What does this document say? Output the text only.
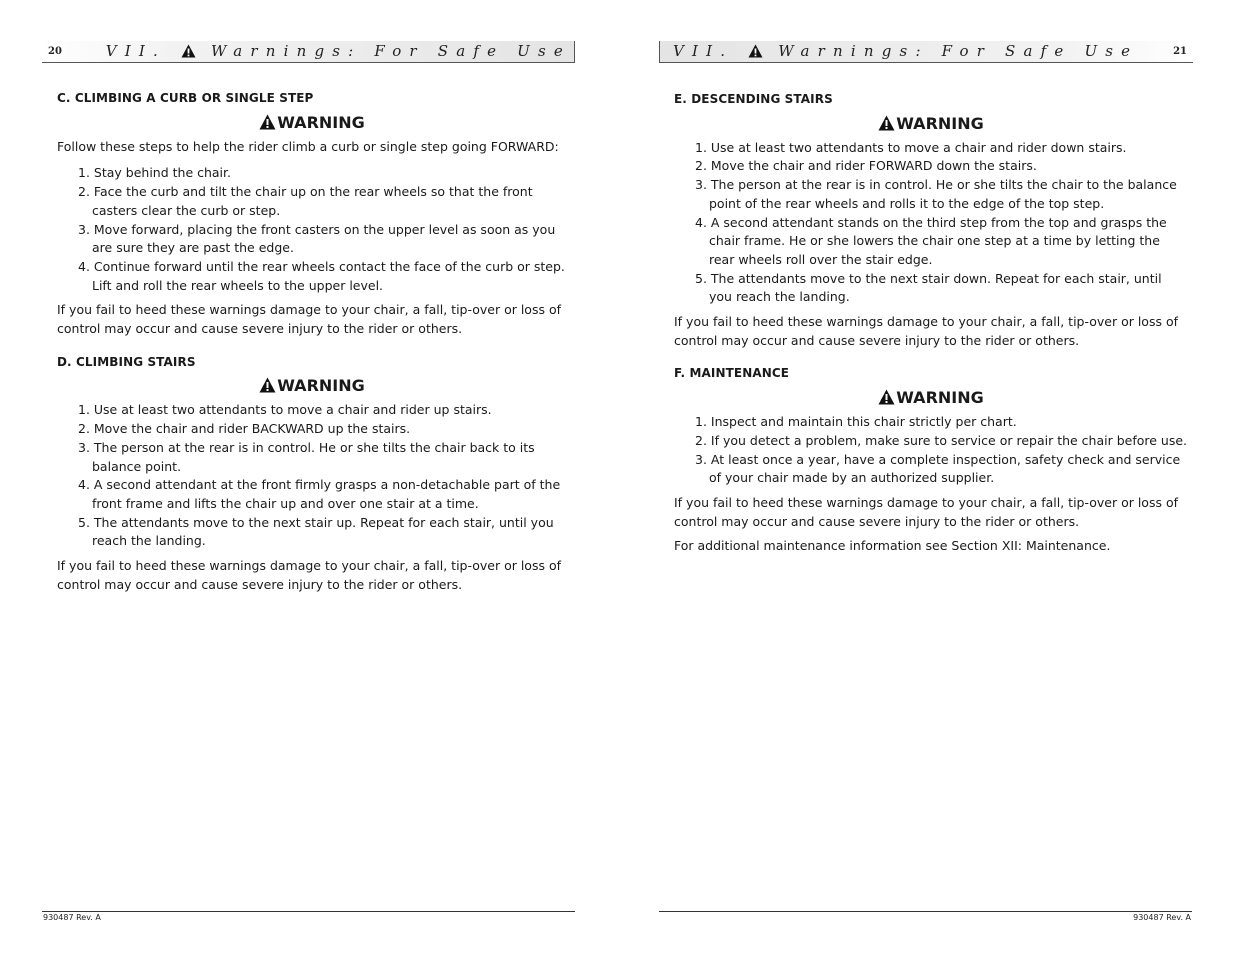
20	VII.	Warnings: For Safe Use

C. CLIMBING A CURB OR SINGLE STEP

WARNING

Follow these steps to help the rider climb a curb or single step going FORWARD:

1. Stay behind the chair.
2. Face the curb and tilt the chair up on the rear wheels so that the front casters clear the curb or step.
3. Move forward, placing the front casters on the upper level as soon as you are sure they are past the edge.
4. Continue forward until the rear wheels contact the face of the curb or step. Lift and roll the rear wheels to the upper level.

If you fail to heed these warnings damage to your chair, a fall, tip-over or loss of control may occur and cause severe injury to the rider or others.

D. CLIMBING STAIRS

WARNING
1. Use at least two attendants to move a chair and rider up stairs.
2. Move the chair and rider BACKWARD up the stairs.
3. The person at the rear is in control. He or she tilts the chair back to its balance point.
4. A second attendant at the front firmly grasps a non-detachable part of the front frame and lifts the chair up and over one stair at a time.
5. The attendants move to the next stair up. Repeat for each stair, until you reach the landing.

If you fail to heed these warnings damage to your chair, a fall, tip-over or loss of control may occur and cause severe injury to the rider or others.

930487 Rev. A
VII.	Warnings: For Safe Use	21

E. DESCENDING STAIRS

WARNING
1. Use at least two attendants to move a chair and rider down stairs.
2. Move the chair and rider FORWARD down the stairs.
3. The person at the rear is in control. He or she tilts the chair to the balance point of the rear wheels and rolls it to the edge of the top step.
4. A second attendant stands on the third step from the top and grasps the chair frame. He or she lowers the chair one step at a time by letting the rear wheels roll over the stair edge.
5. The attendants move to the next stair down. Repeat for each stair, until you reach the landing.

If you fail to heed these warnings damage to your chair, a fall, tip-over or loss of control may occur and cause severe injury to the rider or others.

F. MAINTENANCE

WARNING
1. Inspect and maintain this chair strictly per chart.
2. If you detect a problem, make sure to service or repair the chair before use.
3. At least once a year, have a complete inspection, safety check and service of your chair made by an authorized supplier.

If you fail to heed these warnings damage to your chair, a fall, tip-over or loss of control may occur and cause severe injury to the rider or others.

For additional maintenance information see Section XII: Maintenance.

930487 Rev. A
